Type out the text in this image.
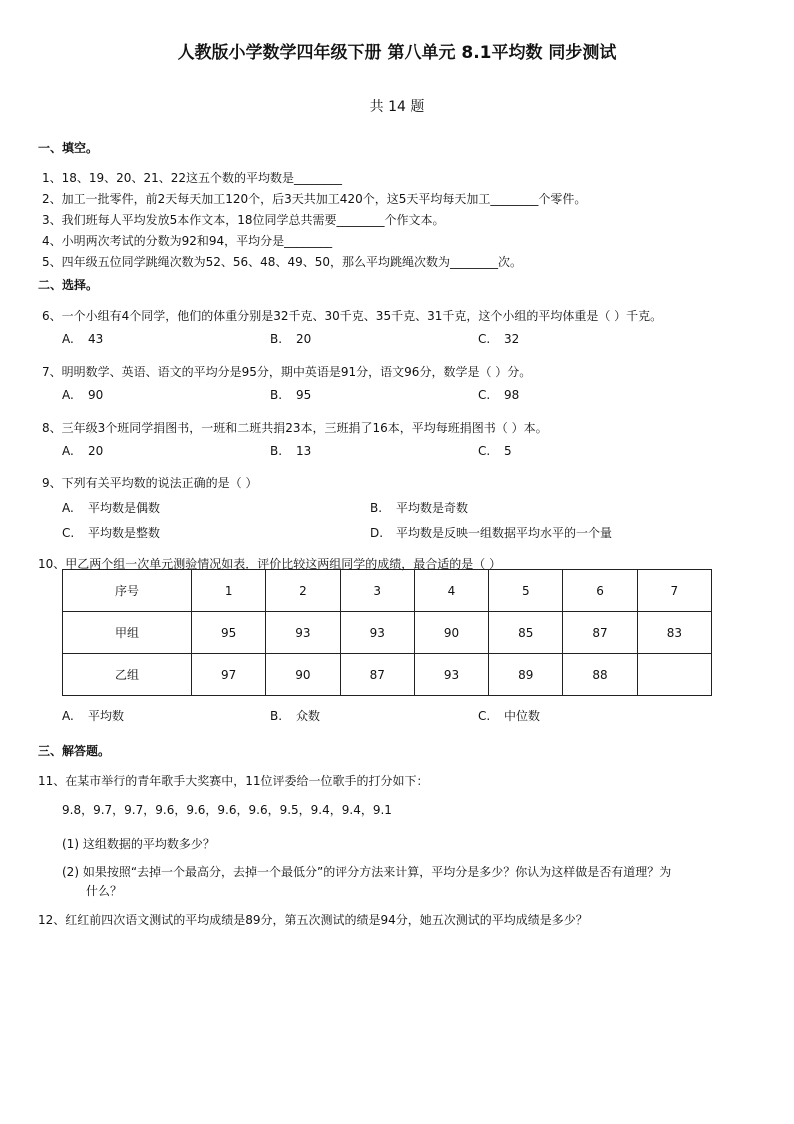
人教版小学数学四年级下册 第八单元 8.1平均数 同步测试
共 14 题
一、填空。
1、18、19、20、21、22这五个数的平均数是________
2、加工一批零件，前2天每天加工120个，后3天共加工420个，这5天平均每天加工________个零件。
3、我们班每人平均发放5本作文本，18位同学总共需要________个作文本。
4、小明两次考试的分数为92和94，平均分是________
5、四年级五位同学跳绳次数为52、56、48、49、50，那么平均跳绳次数为________次。
二、选择。
6、一个小组有4个同学，他们的体重分别是32千克、30千克、35千克、31千克，这个小组的平均体重是（ ）千克。
A. 43	B. 20	C. 32
7、明明数学、英语、语文的平均分是95分，期中英语是91分，语文96分，数学是（ ）分。
A. 90	B. 95	C. 98
8、三年级3个班同学捐图书，一班和二班共捐23本，三班捐了16本，平均每班捐图书（ ）本。
A. 20	B. 13	C. 5
9、下列有关平均数的说法正确的是（ ）
A. 平均数是偶数	B. 平均数是奇数
C. 平均数是整数	D. 平均数是反映一组数据平均水平的一个量
10、甲乙两个组一次单元测验情况如表．评价比较这两组同学的成绩，最合适的是（ ）
序号	1	2	3	4	5	6	7
甲组	95	93	93	90	85	87	83
乙组	97	90	87	93	89	88	
A. 平均数	B. 众数	C. 中位数
三、解答题。
11、在某市举行的青年歌手大奖赛中，11位评委给一位歌手的打分如下：
9.8，9.7，9.7，9.6，9.6，9.6，9.6，9.5，9.4，9.4，9.1
(1) 这组数据的平均数多少？
(2) 如果按照“去掉一个最高分，去掉一个最低分”的评分方法来计算，平均分是多少？你认为这样做是否有道理？为
什么？
12、红红前四次语文测试的平均成绩是89分，第五次测试的绩是94分，她五次测试的平均成绩是多少？
